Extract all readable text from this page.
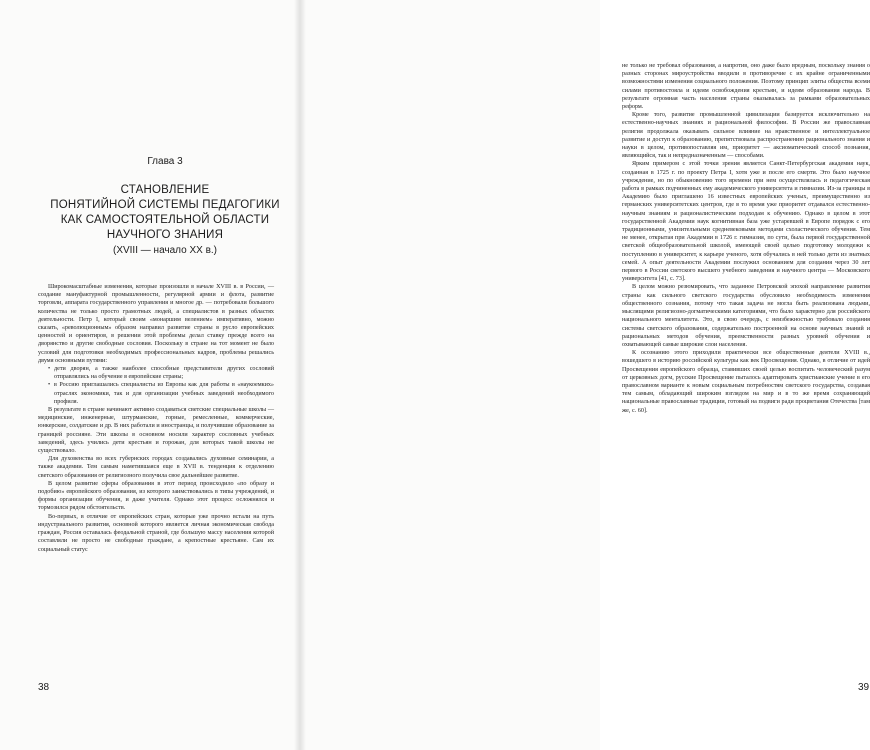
Глава 3
СТАНОВЛЕНИЕ
ПОНЯТИЙНОЙ СИСТЕМЫ ПЕДАГОГИКИ
КАК САМОСТОЯТЕЛЬНОЙ ОБЛАСТИ
НАУЧНОГО ЗНАНИЯ
(XVIII — начало XX в.)

Широкомасштабные изменения, которые произошли в начале XVIII в. в России, — создание мануфактурной промышленности, регулярной армии и флота, развитие торговли, аппарата государственного управления и многое др. — потребовали большого количества не только просто грамотных людей, а специалистов в разных областях деятельности. Петр I, который своим «монаршим велением» императивно, можно сказать, «революционным» образом направил развитие страны в русло европейских ценностей и ориентиров, в решении этой проблемы делал ставку прежде всего на дворянство и другие свободные сословия. Поскольку в стране на тот момент не было условий для подготовки необходимых профессиональных кадров, проблемы решались двумя основными путями:

• дети дворян, а также наиболее способные представители других сословий отправлялись на обучение в европейские страны;
• в Россию приглашались специалисты из Европы как для работы в «наукоемких» отраслях экономики, так и для организации учебных заведений необходимого профиля.

В результате в стране начинают активно создаваться светские специальные школы — медицинские, инженерные, штурманские, горные, ремесленные, коммерческие, юнкерские, солдатские и др. В них работали и иностранцы, и получившие образование за границей россияне. Эти школы в основном носили характер сословных учебных заведений, здесь учились дети крестьян и горожан, для которых такой школы не существовало.

Для духовенства во всех губернских городах создавались духовные семинарии, а также академии. Тем самым наметившаяся еще в XVII в. тенденция к отделению светского образования от религиозного получила свое дальнейшее развитие.

В целом развитие сферы образования в этот период происходило «по образу и подобию» европейского образования, из которого заимствовались в типы учреждений, и формы организации обучения, и даже учителя. Однако этот процесс осложнялся и тормозился рядом обстоятельств.

Во-первых, в отличие от европейских стран, которые уже прочно встали на путь индустриального развития, основной которого является личная экономическая свобода граждан, Россия оставалась феодальной страной, где большую массу населения которой составляли не просто не свободные граждане, а крепостные крестьяне. Сам их социальный статус

38

не только не требовал образования, а напротив, оно даже было вредным, поскольку знания о разных сторонах мироустройства вводили в противоречие с их крайне ограниченными возможностями изменения социального положения. Поэтому принцип элиты общества всеми силами противостояла и идеям освобождения крестьян, и идеям образования народа. В результате огромная часть населения страны оказывалась за рамками образовательных реформ.

Кроме того, развитие промышленной цивилизации базируется исключительно на естественно-научных знаниях и рациональной философии. В России же православная религия продолжала оказывать сильное влияние на нравственное и интеллектуальное развитие и доступ к образованию, препятствовала распространению рационального знания и науки в целом, противопоставляя им, приоритет — аксиоматический способ познания, являющийся, так и непредназначенным — способами.

Ярким примером с этой точки зрения является Санкт-Петербургская академия наук, созданная в 1725 г. по проекту Петра I, хотя уже и после его смерти. Это было научное учреждение, но по обыкновению того времени при нем осуществлялась и педагогическая работа в рамках подчиненных ему академического университета и гимназии. Из-за границы в Академию было приглашено 16 известных европейских ученых, преимущественно из германских университетских центров, где в то время уже приоритет отдавался естественно-научным знаниям и рационалистическим подходам к обучению. Однако в целом в этот государственной Академии наук когнитивная база уже устаревшей в Европе порядок с его традиционными, унизительными средневековыми методами схоластического обучения. Тем не менее, открытая при Академии в 1726 г. гимназия, по сути, была первой государственной светской общеобразовательной школой, имеющей своей целью подготовку молодежи к поступлению в университет, к карьере ученого, хотя обучались в ней только дети из знатных семей. А опыт деятельности Академии послужил основанием для создания через 30 лет первого в России светского высшего учебного заведения и научного центра — Московского университета [41, с. 73].

В целом можно резюмировать, что заданное Петровской эпохой направление развития страны как сильного светского государства обусловило необходимость изменения общественного сознания, потому что такая задача не могла быть реализована людьми, мыслящими религиозно-догматическими категориями, что было характерно для российского национального менталитета. Это, в свою очередь, с неизбежностью требовало создания системы светского образования, содержательно построенной на основе научных знаний и рациональных методов обучения, преемственности разных уровней обучения и охватывающей самые широкие слои населения.

К осознанию этого приходили практически все общественные деятели XVIII в., вошедшего в историю российской культуры как век Просвещения. Однако, в отличие от идей Просвещения европейского образца, ставивших своей целью воспитать человеческий разум от церковных догм, русские Просвещение пыталось адаптировать христианские учение в его православном варианте к новым социальным потребностям светского государства, создавая тем самым, обладающий широким взглядом на мир и в то же время сохраняющий национальные православные традиции, готовый на подвиги ради процветания Отечества [там же, с. 60].

39
